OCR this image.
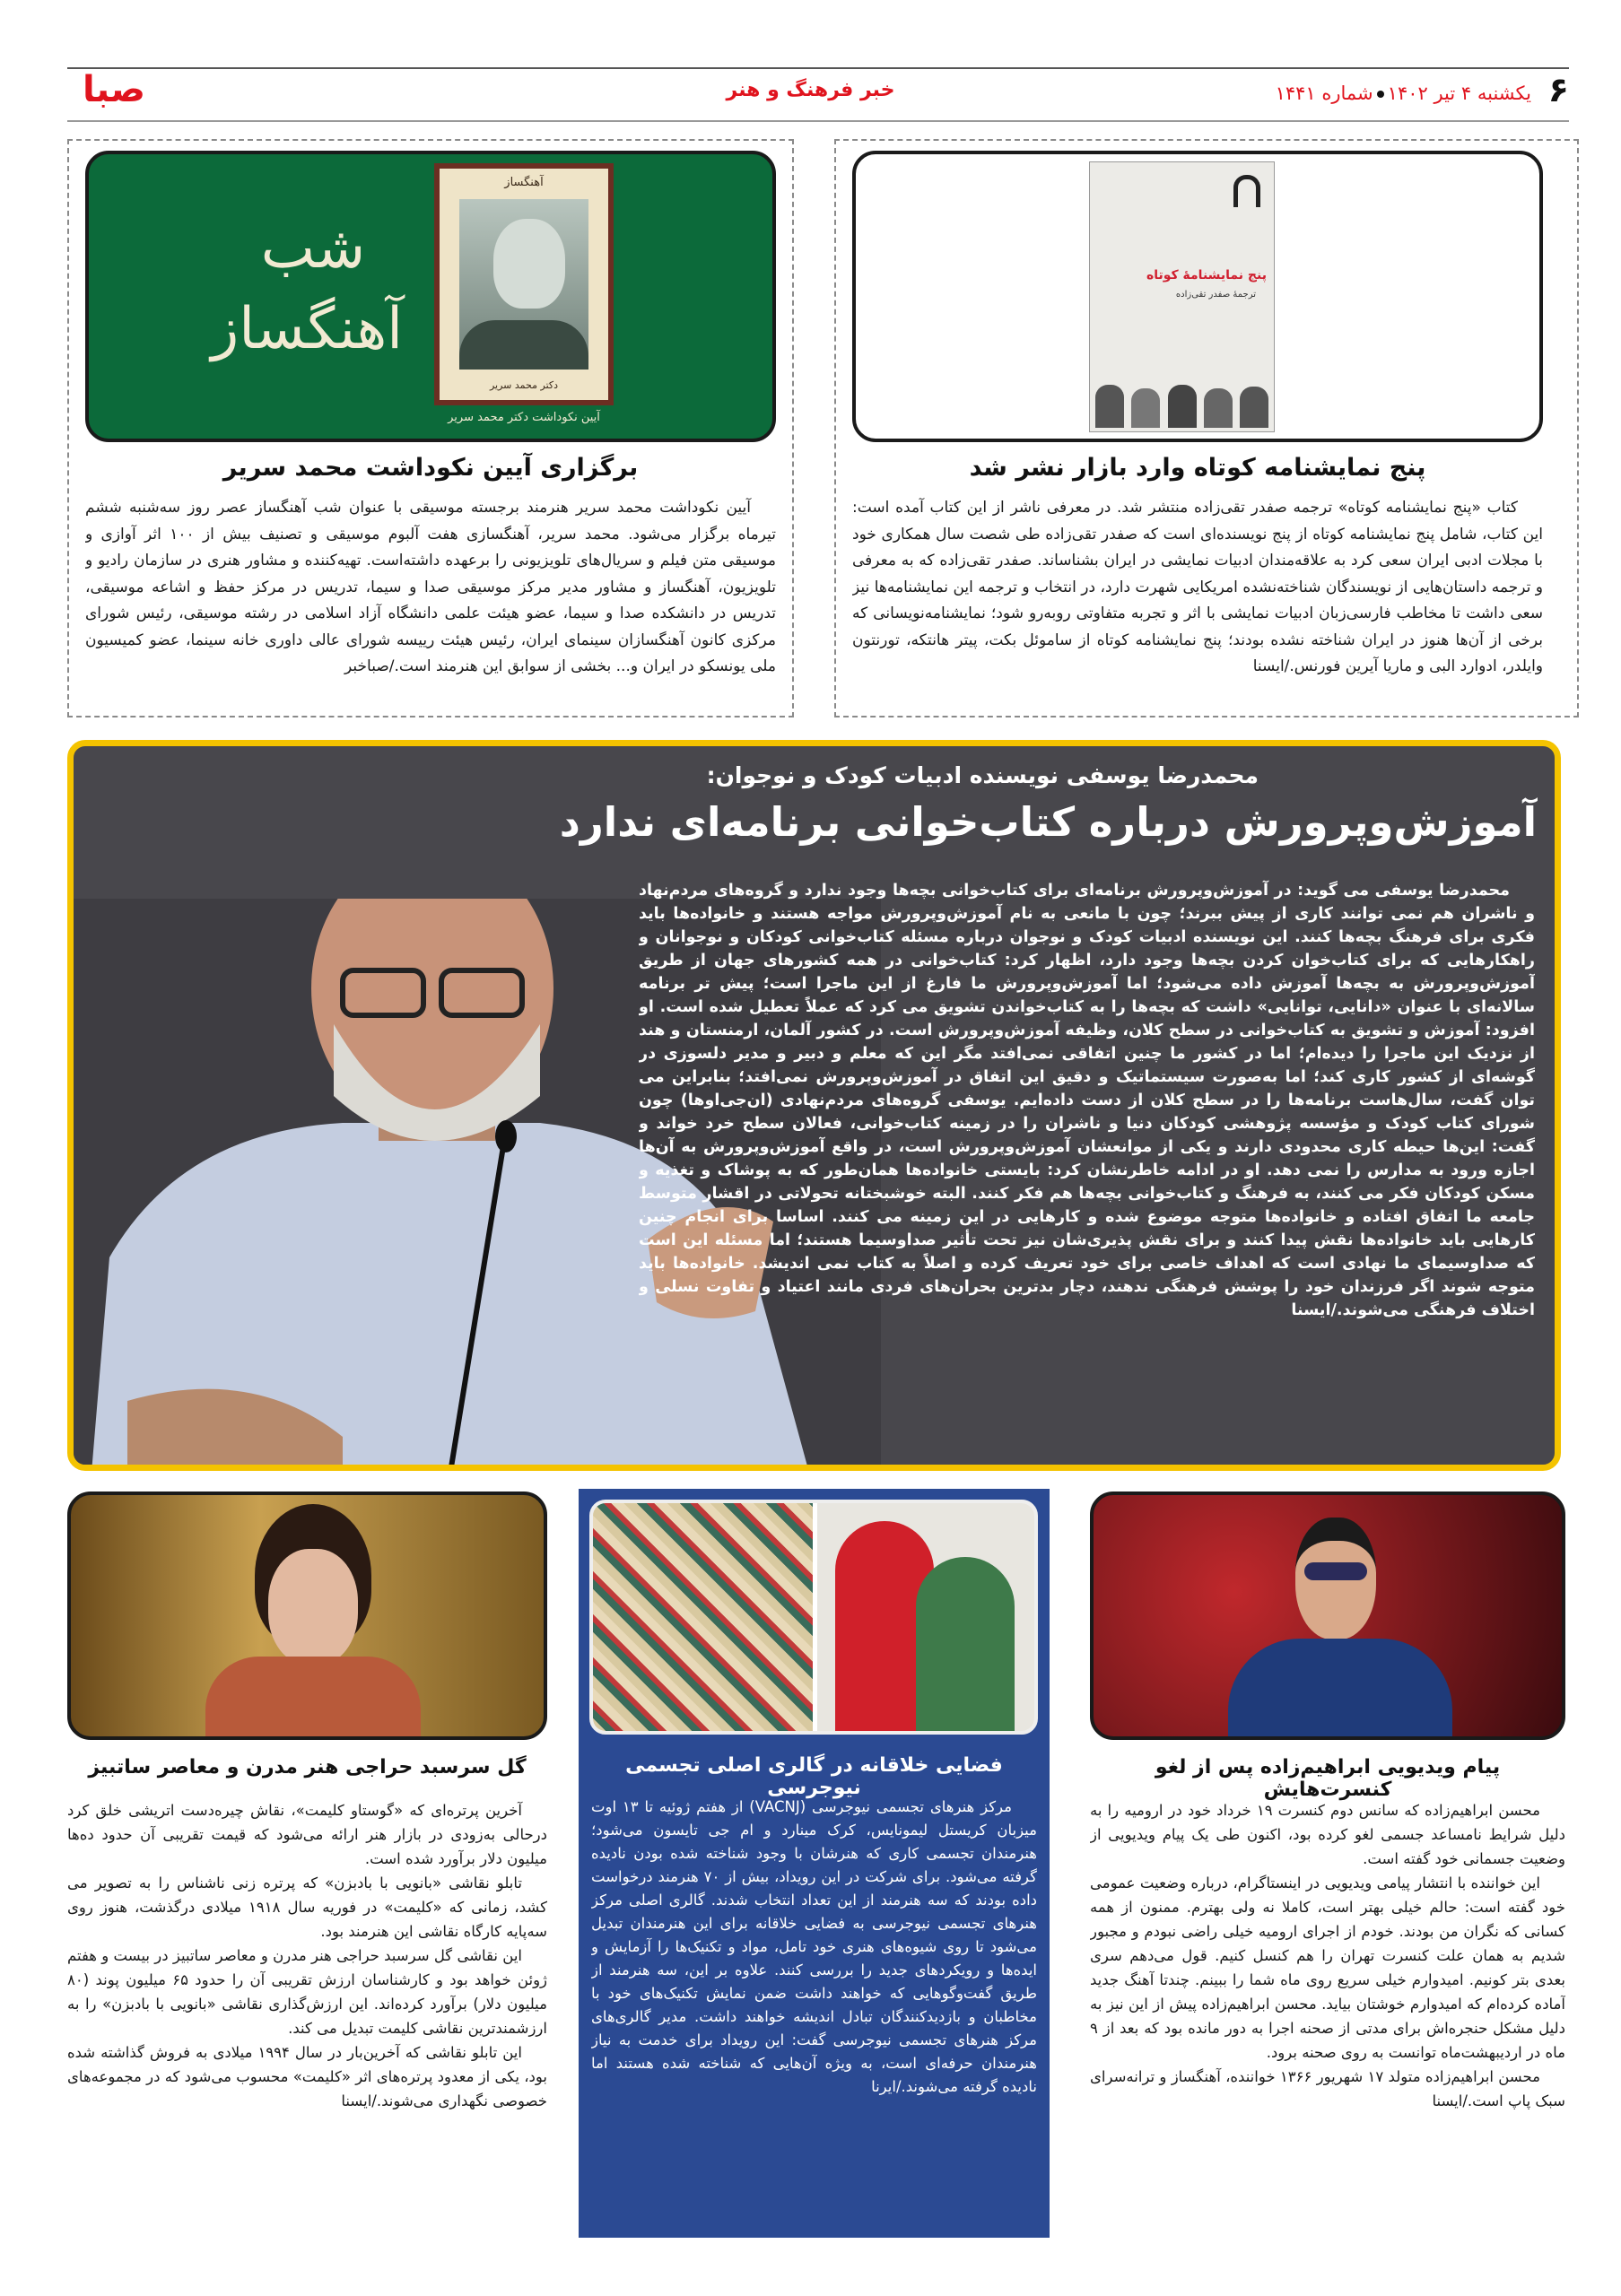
صبا	خبر فرهنگ و هنر	۶
یکشنبه ۴ تیر ۱۴۰۲شماره ۱۴۴۱
پنج نمایشنامهٔ کوتاه
ترجمهٔ صفدر تقی‌زاده
پنج نمایشنامه کوتاه وارد بازار نشر شد

کتاب «پنج نمایشنامه کوتاه» ترجمه صفدر تقی‌زاده منتشر شد. در معرفی ناشر از این کتاب آمده است: این کتاب، شامل پنج نمایشنامه کوتاه از پنج نویسنده‌ای است که صفدر تقی‌زاده طی شصت سال همکاری خود با مجلات ادبی ایران سعی کرد به علاقه‌مندان ادبیات نمایشی در ایران بشناساند. صفدر تقی‌زاده که به معرفی و ترجمه داستان‌هایی از نویسندگان شناخته‌نشده امریکایی شهرت دارد، در انتخاب و ترجمه این نمایشنامه‌ها نیز سعی داشت تا مخاطب فارسی‌زبان ادبیات نمایشی با اثر و تجربه متفاوتی روبه‌رو شود؛ نمایشنامه‌نویسانی که برخی از آن‌ها هنوز در ایران شناخته نشده بودند؛ پنج نمایشنامه کوتاه از ساموئل بکت، پیتر هانتکه، تورنتون وایلدر، ادوارد البی و ماریا آیرین فورنس./ایسنا

شب آهنگساز
آهنگساز
دکتر محمد سریر
آیین نکوداشت دکتر محمد سریر
برگزاری آیین نکوداشت محمد سریر

آیین نکوداشت محمد سریر هنرمند برجسته موسیقی با عنوان شب آهنگساز عصر روز سه‌شنبه ششم تیرماه برگزار می‌شود. محمد سریر، آهنگسازی هفت آلبوم موسیقی و تصنیف بیش از ۱۰۰ اثر آوازی و موسیقی متن فیلم و سریال‌های تلویزیونی را برعهده داشته‌است. تهیه‌کننده و مشاور هنری در سازمان رادیو و تلویزیون، آهنگساز و مشاور مدیر مرکز موسیقی صدا و سیما، تدریس در مرکز حفظ و اشاعه موسیقی، تدریس در دانشکده صدا و سیما، عضو هیئت علمی دانشگاه آزاد اسلامی در رشته موسیقی، رئیس شورای مرکزی کانون آهنگسازان سینمای ایران، رئیس هیئت رییسه شورای عالی داوری خانه سینما، عضو کمیسیون ملی یونسکو در ایران و... بخشی از سوابق این هنرمند است./صباخبر

محمدرضا یوسفی نویسنده ادبیات کودک و نوجوان:
آموزش‌وپرورش درباره کتاب‌خوانی برنامه‌ای ندارد

محمدرضا یوسفی می گوید: در آموزش‌وپرورش برنامه‌ای برای کتاب‌خوانی بچه‌ها وجود ندارد و گروه‌های مردم‌نهاد و ناشران هم نمی توانند کاری از پیش ببرند؛ چون با مانعی به نام آموزش‌وپرورش مواجه هستند و خانواده‌ها باید فکری برای فرهنگ بچه‌ها کنند. این نویسنده ادبیات کودک و نوجوان درباره مسئله کتاب‌خوانی کودکان و نوجوانان و راهکارهایی که برای کتاب‌خوان کردن بچه‌ها وجود دارد، اظهار کرد: کتاب‌خوانی در همه کشورهای جهان از طریق آموزش‌وپرورش به بچه‌ها آموزش داده می‌شود؛ اما آموزش‌وپرورش ما فارغ از این ماجرا است؛ پیش تر برنامه سالانه‌ای با عنوان «دانایی، توانایی» داشت که بچه‌ها را به کتاب‌خواندن تشویق می کرد که عملاً تعطیل شده است. او افزود: آموزش و تشویق به کتاب‌خوانی در سطح کلان، وظیفه آموزش‌وپرورش است. در کشور آلمان، ارمنستان و هند از نزدیک این ماجرا را دیده‌ام؛ اما در کشور ما چنین اتفاقی نمی‌افتد مگر این که معلم و دبیر و مدیر دلسوزی در گوشه‌ای از کشور کاری کند؛ اما به‌صورت سیستماتیک و دقیق این اتفاق در آموزش‌وپرورش نمی‌افتد؛ بنابراین می توان گفت، سال‌هاست برنامه‌ها را در سطح کلان از دست داده‌ایم. یوسفی گروه‌های مردم‌نهادی (ان‌جی‌اوها) چون شورای کتاب کودک و مؤسسه پژوهشی کودکان دنیا و ناشران را در زمینه کتاب‌خوانی، فعالان سطح خرد خواند و گفت: این‌ها حیطه کاری محدودی دارند و یکی از موانعشان آموزش‌وپرورش است، در واقع آموزش‌وپرورش به آن‌ها اجازه ورود به مدارس را نمی دهد. او در ادامه خاطرنشان کرد: بایستی خانواده‌ها همان‌طور که به پوشاک و تغذیه و مسکن کودکان فکر می کنند، به فرهنگ و کتاب‌خوانی بچه‌ها هم فکر کنند. البته خوشبختانه تحولاتی در اقشار متوسط جامعه ما اتفاق افتاده و خانواده‌ها متوجه موضوع شده و کارهایی در این زمینه می کنند. اساسا برای انجام چنین کارهایی باید خانواده‌ها نقش پیدا کنند و برای نقش پذیری‌شان نیز تحت تأثیر صداوسیما هستند؛ اما مسئله این است که صداوسیمای ما نهادی است که اهداف خاصی برای خود تعریف کرده و اصلاً به کتاب نمی اندیشد. خانواده‌ها باید متوجه شوند اگر فرزندان خود را پوشش فرهنگی ندهند، دچار بدترین بحران‌های فردی مانند اعتیاد و تفاوت نسلی و اختلاف فرهنگی می‌شوند./ایسنا

پیام ویدیویی ابراهیم‌زاده پس از لغو کنسرت‌هایش

محسن ابراهیم‌زاده که سانس دوم کنسرت ۱۹ خرداد خود در ارومیه را به دلیل شرایط نامساعد جسمی لغو کرده بود، اکنون طی یک پیام ویدیویی از وضعیت جسمانی خود گفته است.

این خواننده با انتشار پیامی ویدیویی در اینستاگرام، درباره وضعیت عمومی خود گفته است: حالم خیلی بهتر است، کاملا نه ولی بهترم. ممنون از همه کسانی که نگران من بودند. خودم از اجرای ارومیه خیلی راضی نبودم و مجبور شدیم به همان علت کنسرت تهران را هم کنسل کنیم. قول می‌دهم سری بعدی بتر کونیم. امیدوارم خیلی سریع روی ماه شما را ببینم. چندتا آهنگ جدید آماده کرده‌ام که امیدوارم خوشتان بیاید. محسن ابراهیم‌زاده پیش از این نیز به دلیل مشکل حنجره‌اش برای مدتی از صحنه اجرا به دور مانده بود که بعد از ۹ ماه در اردیبهشت‌ماه توانست به روی صحنه برود.

محسن ابراهیم‌زاده متولد ۱۷ شهریور ۱۳۶۶ خواننده، آهنگساز و ترانه‌سرای سبک پاپ است./ایسنا

فضایی خلاقانه در گالری اصلی تجسمی نیوجرسی

مرکز هنرهای تجسمی نیوجرسی (VACNJ) از هفتم ژوئیه تا ۱۳ اوت میزبان کریستل لیمونایس، کرک مینارد و ام جی تایسون می‌شود؛ هنرمندان تجسمی کاری که هنرشان با وجود شناخته شده بودن نادیده گرفته می‌شود. برای شرکت در این رویداد، بیش از ۷۰ هنرمند درخواست داده بودند که سه هنرمند از این تعداد انتخاب شدند. گالری اصلی مرکز هنرهای تجسمی نیوجرسی به فضایی خلاقانه برای این هنرمندان تبدیل می‌شود تا روی شیوه‌های هنری خود تامل، مواد و تکنیک‌ها را آزمایش و ایده‌ها و رویکردهای جدید را بررسی کنند. علاوه بر این، سه هنرمند از طریق گفت‌وگوهایی که خواهند داشت ضمن نمایش تکنیک‌های خود با مخاطبان و بازدیدکنندگان تبادل اندیشه خواهند داشت. مدیر گالری‌های مرکز هنرهای تجسمی نیوجرسی گفت: این رویداد برای خدمت به نیاز هنرمندان حرفه‌ای است، به ویژه آن‌هایی که شناخته شده هستند اما نادیده گرفته می‌شوند./ایرنا

گل سرسبد حراجی هنر مدرن و معاصر ساتبیز

آخرین پرتره‌ای که «گوستاو کلیمت»، نقاش چیره‌دست اتریشی خلق کرد درحالی به‌زودی در بازار هنر ارائه می‌شود که قیمت تقریبی آن حدود ده‌ها میلیون دلار برآورد شده است.

تابلو نقاشی «بانویی با بادبزن» که پرتره زنی ناشناس را به تصویر می کشد، زمانی که «کلیمت» در فوریه سال ۱۹۱۸ میلادی درگذشت، هنوز روی سه‌پایه کارگاه نقاشی این هنرمند بود.

این نقاشی گل سرسبد حراجی هنر مدرن و معاصر ساتبیز در بیست و هفتم ژوئن خواهد بود و کارشناسان ارزش تقریبی آن را حدود ۶۵ میلیون پوند (۸۰ میلیون دلار) برآورد کرده‌اند. این ارزش‌گذاری نقاشی «بانویی با بادبزن» را به ارزشمندترین نقاشی کلیمت تبدیل می کند.

این تابلو نقاشی که آخرین‌بار در سال ۱۹۹۴ میلادی به فروش گذاشته شده بود، یکی از معدود پرتره‌های اثر «کلیمت» محسوب می‌شود که در مجموعه‌های خصوصی نگهداری می‌شوند./ایسنا
